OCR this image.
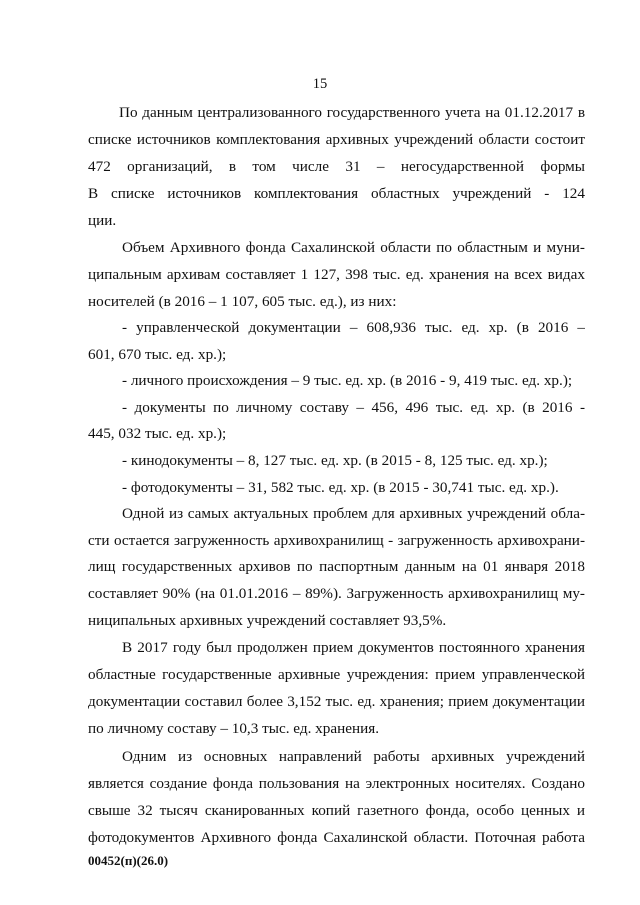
15
По данным централизованного государственного учета на 01.12.2017 в
списке источников комплектования архивных учреждений области состоит
472 организаций, в том числе 31 – негосударственной формы
В списке источников комплектования областных учреждений - 124
ции.
Объем Архивного фонда Сахалинской области по областным и муни-
ципальным архивам составляет 1 127, 398 тыс. ед. хранения на всех видах
носителей (в 2016 – 1 107, 605 тыс. ед.), из них:
- управленческой документации – 608,936 тыс. ед. хр. (в 2016 –
601, 670 тыс. ед. хр.);
- личного происхождения – 9 тыс. ед. хр. (в 2016 - 9, 419 тыс. ед. хр.);
- документы по личному составу – 456, 496 тыс. ед. хр. (в 2016 -
445, 032 тыс. ед. хр.);
- кинодокументы – 8, 127 тыс. ед. хр. (в 2015 - 8, 125 тыс. ед. хр.);
- фотодокументы – 31, 582 тыс. ед. хр. (в 2015 - 30,741 тыс. ед. хр.).
Одной из самых актуальных проблем для архивных учреждений обла-
сти остается загруженность архивохранилищ - загруженность архивохрани-
лищ государственных архивов по паспортным данным на 01 января 2018
составляет 90% (на 01.01.2016 – 89%). Загруженность архивохранилищ му-
ниципальных архивных учреждений составляет 93,5%.
В 2017 году был продолжен прием документов постоянного хранения
областные государственные архивные учреждения: прием управленческой
документации составил более 3,152 тыс. ед. хранения; прием документации
по личному составу – 10,3 тыс. ед. хранения.
Одним из основных направлений работы архивных учреждений
является создание фонда пользования на электронных носителях. Создано
свыше 32 тысяч сканированных копий газетного фонда, особо ценных и
фотодокументов Архивного фонда Сахалинской области. Поточная работа
00452(п)(26.0)
